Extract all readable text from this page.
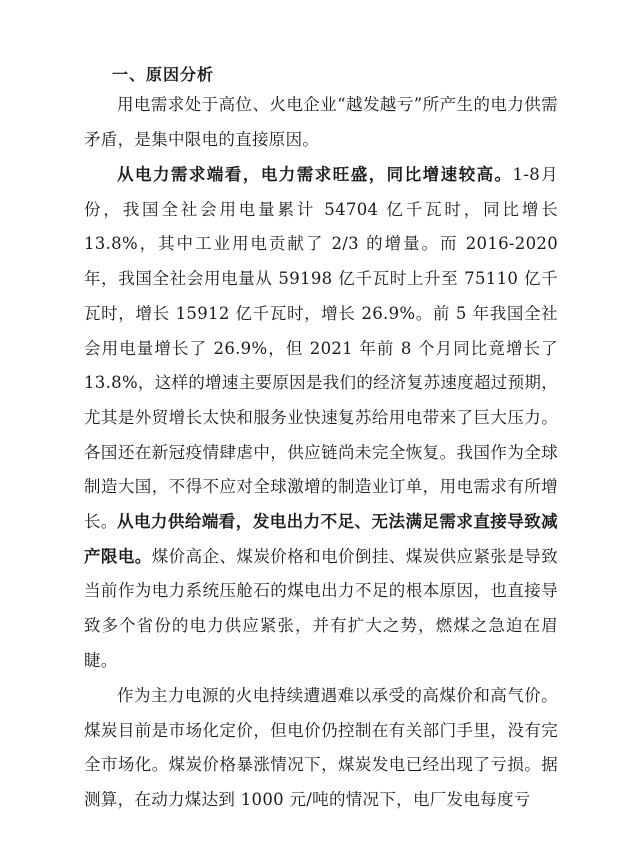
一、原因分析

用电需求处于高位、火电企业“越发越亏”所产生的电力供需矛盾，是集中限电的直接原因。

从电力需求端看，电力需求旺盛，同比增速较高。1-8月份，我国全社会用电量累计 54704 亿千瓦时，同比增长 13.8%，其中工业用电贡献了 2/3 的增量。而 2016-2020 年，我国全社会用电量从 59198 亿千瓦时上升至 75110 亿千瓦时，增长 15912 亿千瓦时，增长 26.9%。前 5 年我国全社会用电量增长了 26.9%，但 2021 年前 8 个月同比竟增长了 13.8%，这样的增速主要原因是我们的经济复苏速度超过预期，尤其是外贸增长太快和服务业快速复苏给用电带来了巨大压力。各国还在新冠疫情肆虐中，供应链尚未完全恢复。我国作为全球制造大国，不得不应对全球激增的制造业订单，用电需求有所增长。 从电力供给端看，发电出力不足、无法满足需求直接导致减产限电。煤价高企、煤炭价格和电价倒挂、煤炭供应紧张是导致当前作为电力系统压舱石的煤电出力不足的根本原因，也直接导致多个省份的电力供应紧张，并有扩大之势，燃煤之急迫在眉睫。

作为主力电源的火电持续遭遇难以承受的高煤价和高气价。煤炭目前是市场化定价，但电价仍控制在有关部门手里，没有完全市场化。煤炭价格暴涨情况下，煤炭发电已经出现了亏损。据测算，在动力煤达到 1000 元/吨的情况下，电厂发电每度亏
